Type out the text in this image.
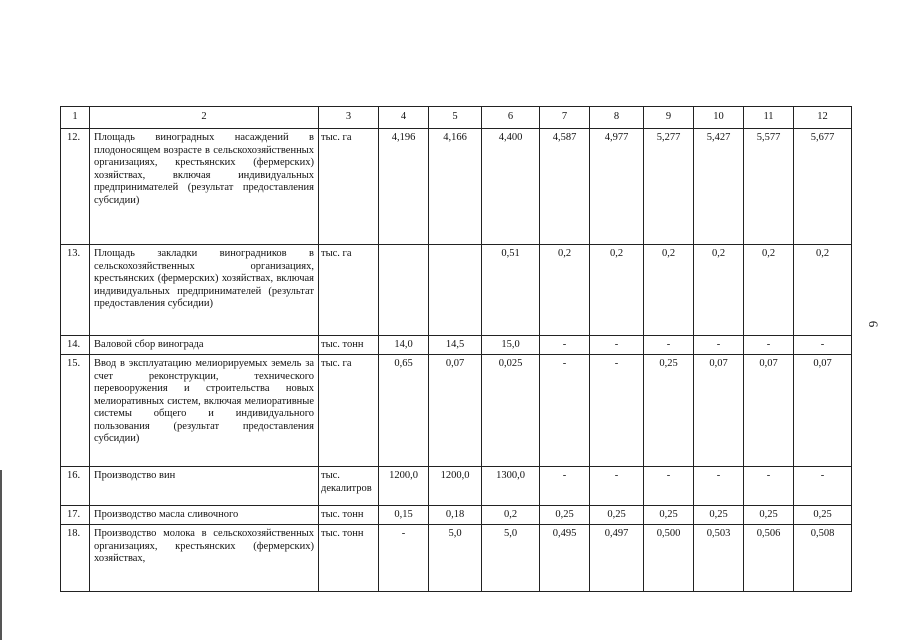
6
1	2	3	4	5	6	7	8	9	10	11	12
12.	Площадь виноградных насаждений в плодоносящем возрасте в сельскохозяйственных организациях, крестьянских (фермерских) хозяйствах, включая индивидуальных предпринимателей (результат предоставления субсидии)	тыс. га	4,196	4,166	4,400	4,587	4,977	5,277	5,427	5,577	5,677
13.	Площадь закладки виноградников в сельскохозяйственных организациях, крестьянских (фермерских) хозяйствах, включая индивидуальных предпринимателей (результат предоставления субсидии)	тыс. га			0,51	0,2	0,2	0,2	0,2	0,2	0,2
14.	Валовой сбор винограда	тыс. тонн	14,0	14,5	15,0	-	-	-	-	-	-
15.	Ввод в эксплуатацию мелиорируемых земель за счет реконструкции, технического перевооружения и строительства новых мелиоративных систем, включая мелиоративные системы общего и индивидуального пользования (результат предоставления субсидии)	тыс. га	0,65	0,07	0,025	-	-	0,25	0,07	0,07	0,07
16.	Производство вин	тыс. декалитров	1200,0	1200,0	1300,0	-	-	-	-	-	-
17.	Производство масла сливочного	тыс. тонн	0,15	0,18	0,2	0,25	0,25	0,25	0,25	0,25	0,25
18.	Производство молока в сельскохозяйственных организациях, крестьянских (фермерских) хозяйствах,	тыс. тонн	-	5,0	5,0	0,495	0,497	0,500	0,503	0,506	0,508
